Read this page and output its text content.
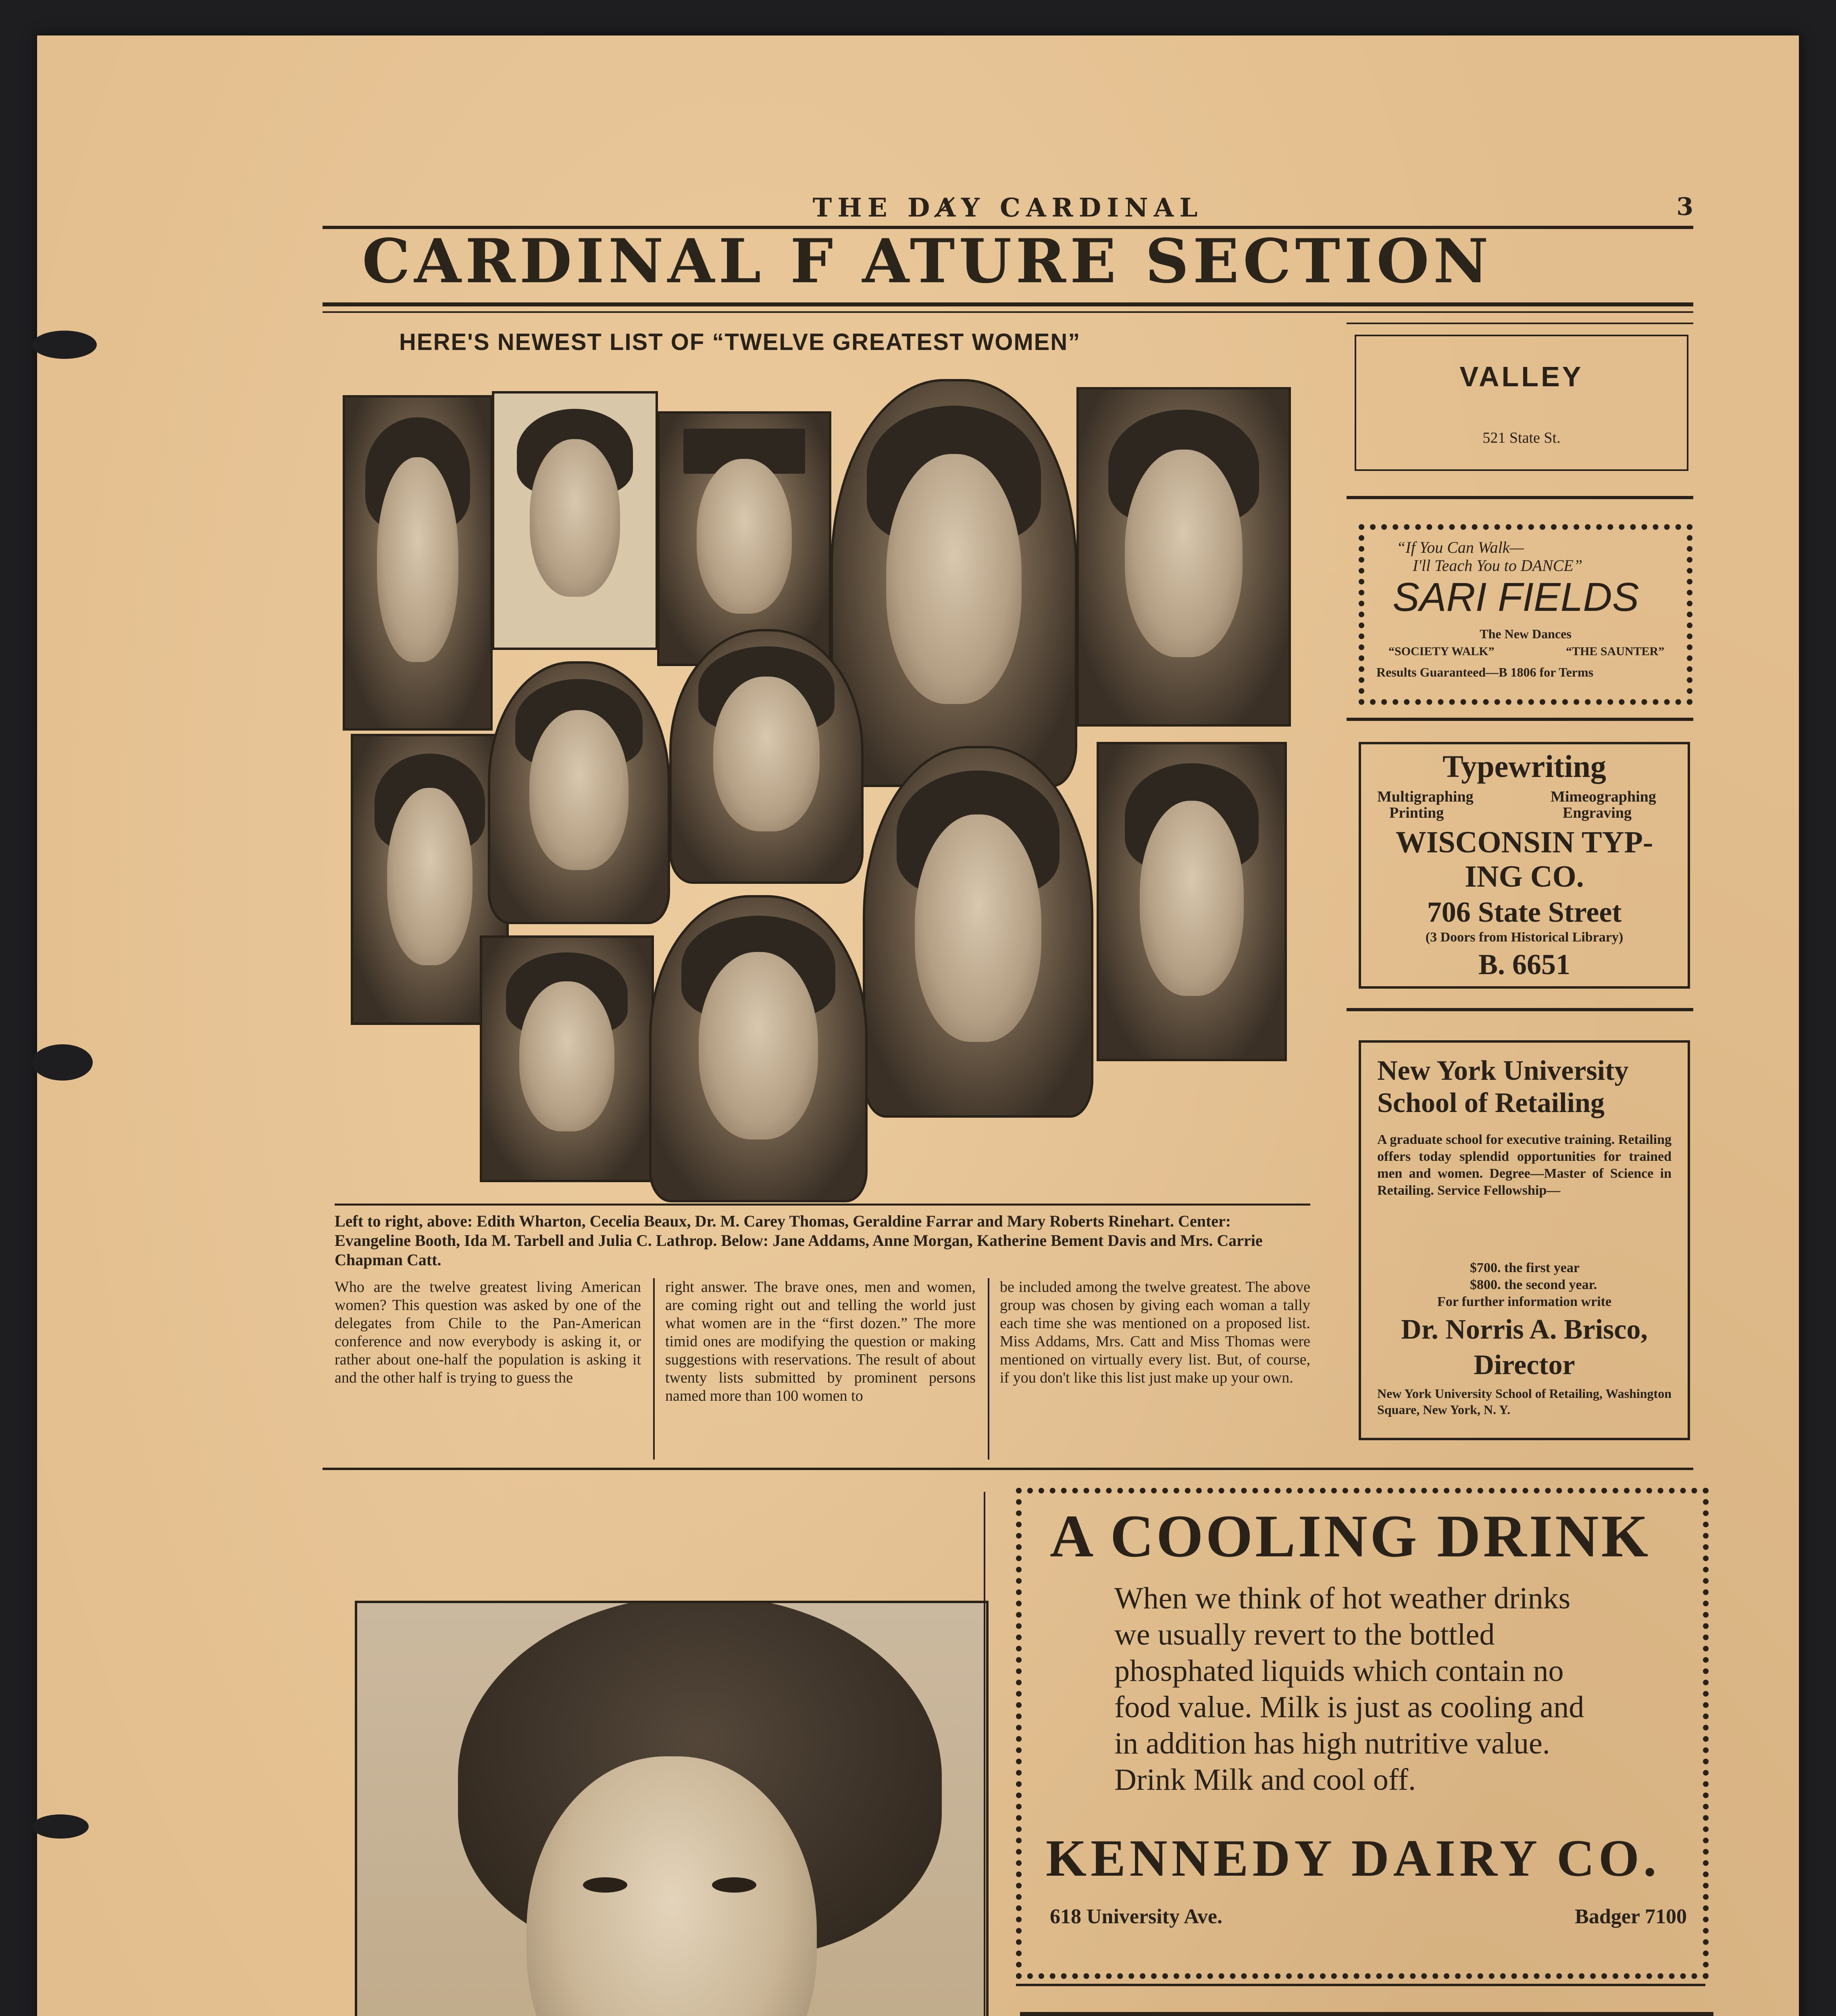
THE DA̸Y CARDINAL	3
CARDINAL F ATURE SECTION
HERE'S NEWEST LIST OF “TWELVE GREATEST WOMEN”
Left to right, above: Edith Wharton, Cecelia Beaux, Dr. M. Carey Thomas, Geraldine Farrar and Mary Roberts Rinehart. Center: Evangeline Booth, Ida M. Tarbell and Julia C. Lathrop. Below: Jane Addams, Anne Morgan, Katherine Bement Davis and Mrs. Carrie Chapman Catt.
Who are the twelve greatest living American women? This question was asked by one of the delegates from Chile to the Pan-American conference and now everybody is asking it, or rather about one-half the population is asking it and the other half is trying to guess the
right answer. The brave ones, men and women, are coming right out and telling the world just what women are in the “first dozen.” The more timid ones are modifying the question or making suggestions with reservations. The result of about twenty lists submitted by prominent persons named more than 100 women to
be included among the twelve greatest. The above group was chosen by giving each woman a tally each time she was mentioned on a proposed list. Miss Addams, Mrs. Catt and Miss Thomas were mentioned on virtually every list. But, of course, if you don't like this list just make up your own.
VALLEY
521 State St.
“If You Can Walk—
I'll Teach You to DANCE”
SARI FIELDS
The New Dances
“SOCIETY WALK”	“THE SAUNTER”
Results Guaranteed—B 1806 for Terms
Typewriting
Multigraphing
Printing
Mimeographing
Engraving
WISCONSIN TYP-
ING CO.
706 State Street
(3 Doors from Historical Library)
B. 6651
New York University
School of Retailing
A graduate school for executive training. Retailing offers today splendid opportunities for trained men and women. Degree—Master of Science in Retailing. Service Fellowship—
$700. the first year
$800. the second year.
For further information write
Dr. Norris A. Brisco,
Director
New York University School of Retailing, Washington Square, New York, N. Y.
A COOLING DRINK
When we think of hot weather drinks we usually revert to the bottled phosphated liquids which contain no food value. Milk is just as cooling and in addition has high nutritive value. Drink Milk and cool off.
KENNEDY DAIRY CO.
618 University Ave.	Badger 7100
